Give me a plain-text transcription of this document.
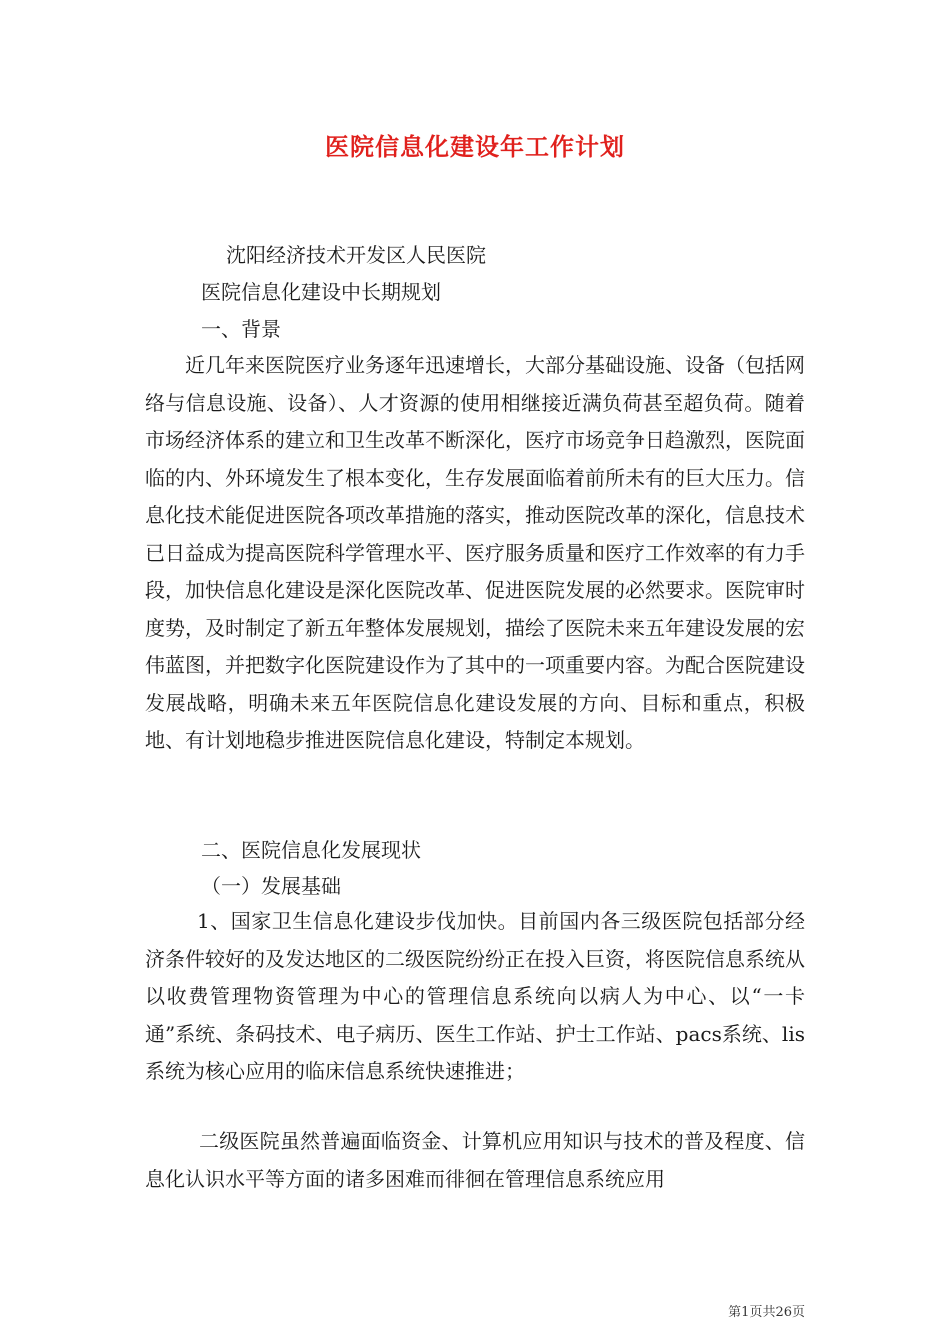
医院信息化建设年工作计划
沈阳经济技术开发区人民医院
医院信息化建设中长期规划
一、背景
近几年来医院医疗业务逐年迅速增长，大部分基础设施、设备（包括网络与信息设施、设备）、人才资源的使用相继接近满负荷甚至超负荷。随着市场经济体系的建立和卫生改革不断深化，医疗市场竞争日趋激烈，医院面临的内、外环境发生了根本变化，生存发展面临着前所未有的巨大压力。信息化技术能促进医院各项改革措施的落实，推动医院改革的深化，信息技术已日益成为提高医院科学管理水平、医疗服务质量和医疗工作效率的有力手段，加快信息化建设是深化医院改革、促进医院发展的必然要求。医院审时度势，及时制定了新五年整体发展规划，描绘了医院未来五年建设发展的宏伟蓝图，并把数字化医院建设作为了其中的一项重要内容。为配合医院建设发展战略，明确未来五年医院信息化建设发展的方向、目标和重点，积极地、有计划地稳步推进医院信息化建设，特制定本规划。
二、医院信息化发展现状
（一）发展基础
1、国家卫生信息化建设步伐加快。目前国内各三级医院包括部分经济条件较好的及发达地区的二级医院纷纷正在投入巨资，将医院信息系统从以收费管理物资管理为中心的管理信息系统向以病人为中心、以“一卡通”系统、条码技术、电子病历、医生工作站、护士工作站、pacs系统、lis系统为核心应用的临床信息系统快速推进；
二级医院虽然普遍面临资金、计算机应用知识与技术的普及程度、信息化认识水平等方面的诸多困难而徘徊在管理信息系统应用
第1页共26页
